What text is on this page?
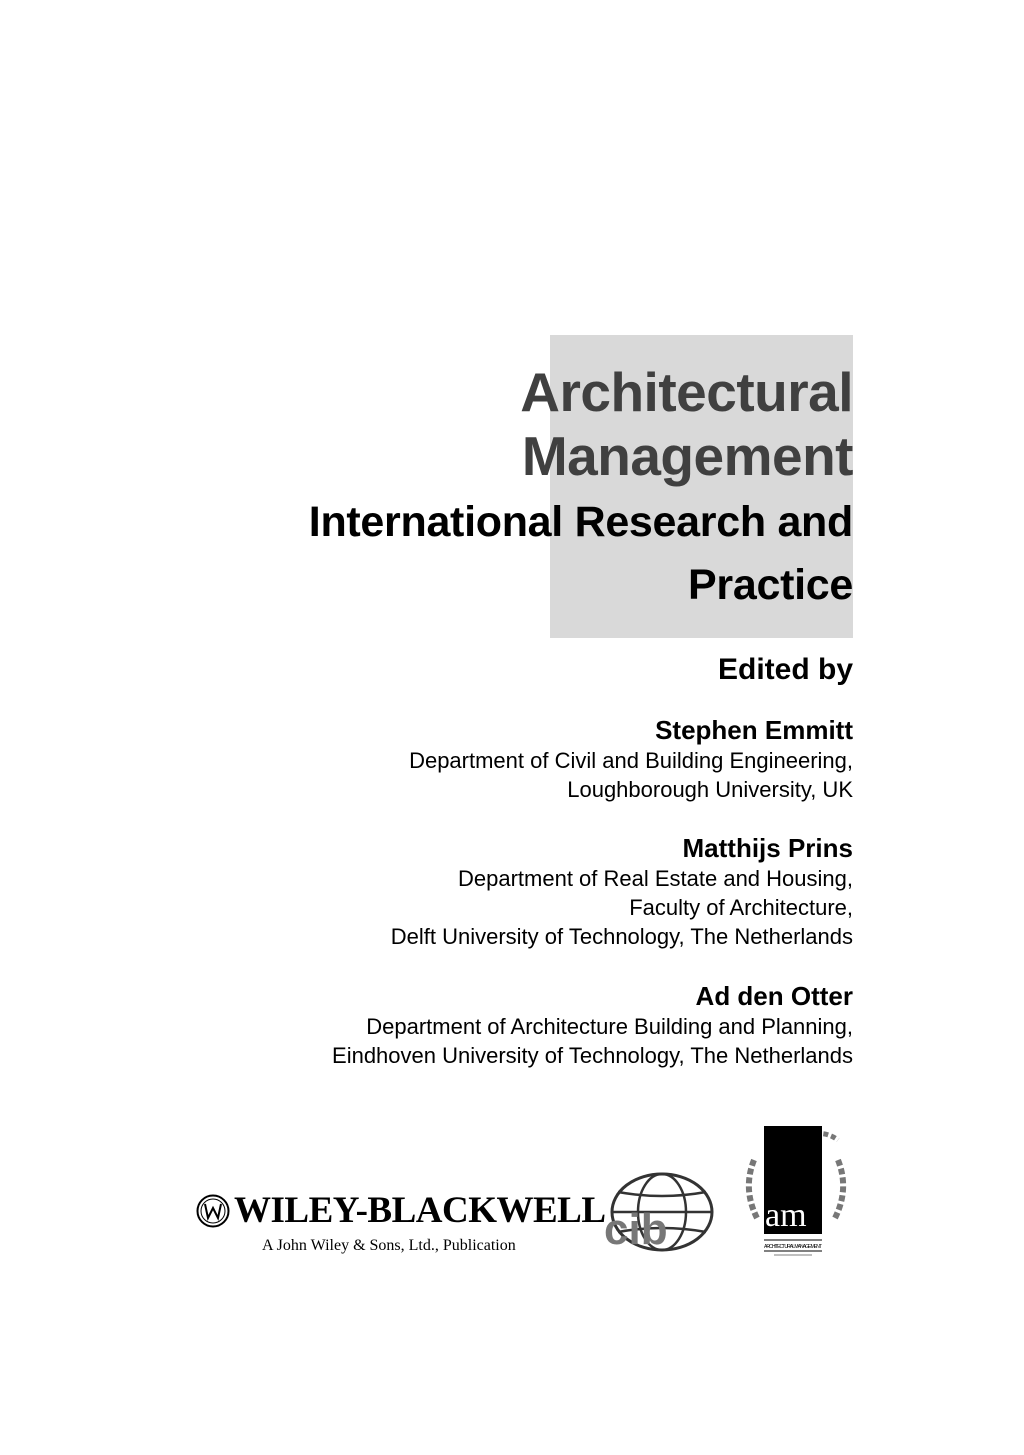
Architectural
Management
International Research and
Practice
Edited by
Stephen Emmitt
Department of Civil and Building Engineering,
Loughborough University, UK
Matthijs Prins
Department of Real Estate and Housing,
Faculty of Architecture,
Delft University of Technology, The Netherlands
Ad den Otter
Department of Architecture Building and Planning,
Eindhoven University of Technology, The Netherlands
WILEY-BLACKWELL
A John Wiley & Sons, Ltd., Publication cib	am
ARCHITECTURAL MANAGEMENT
